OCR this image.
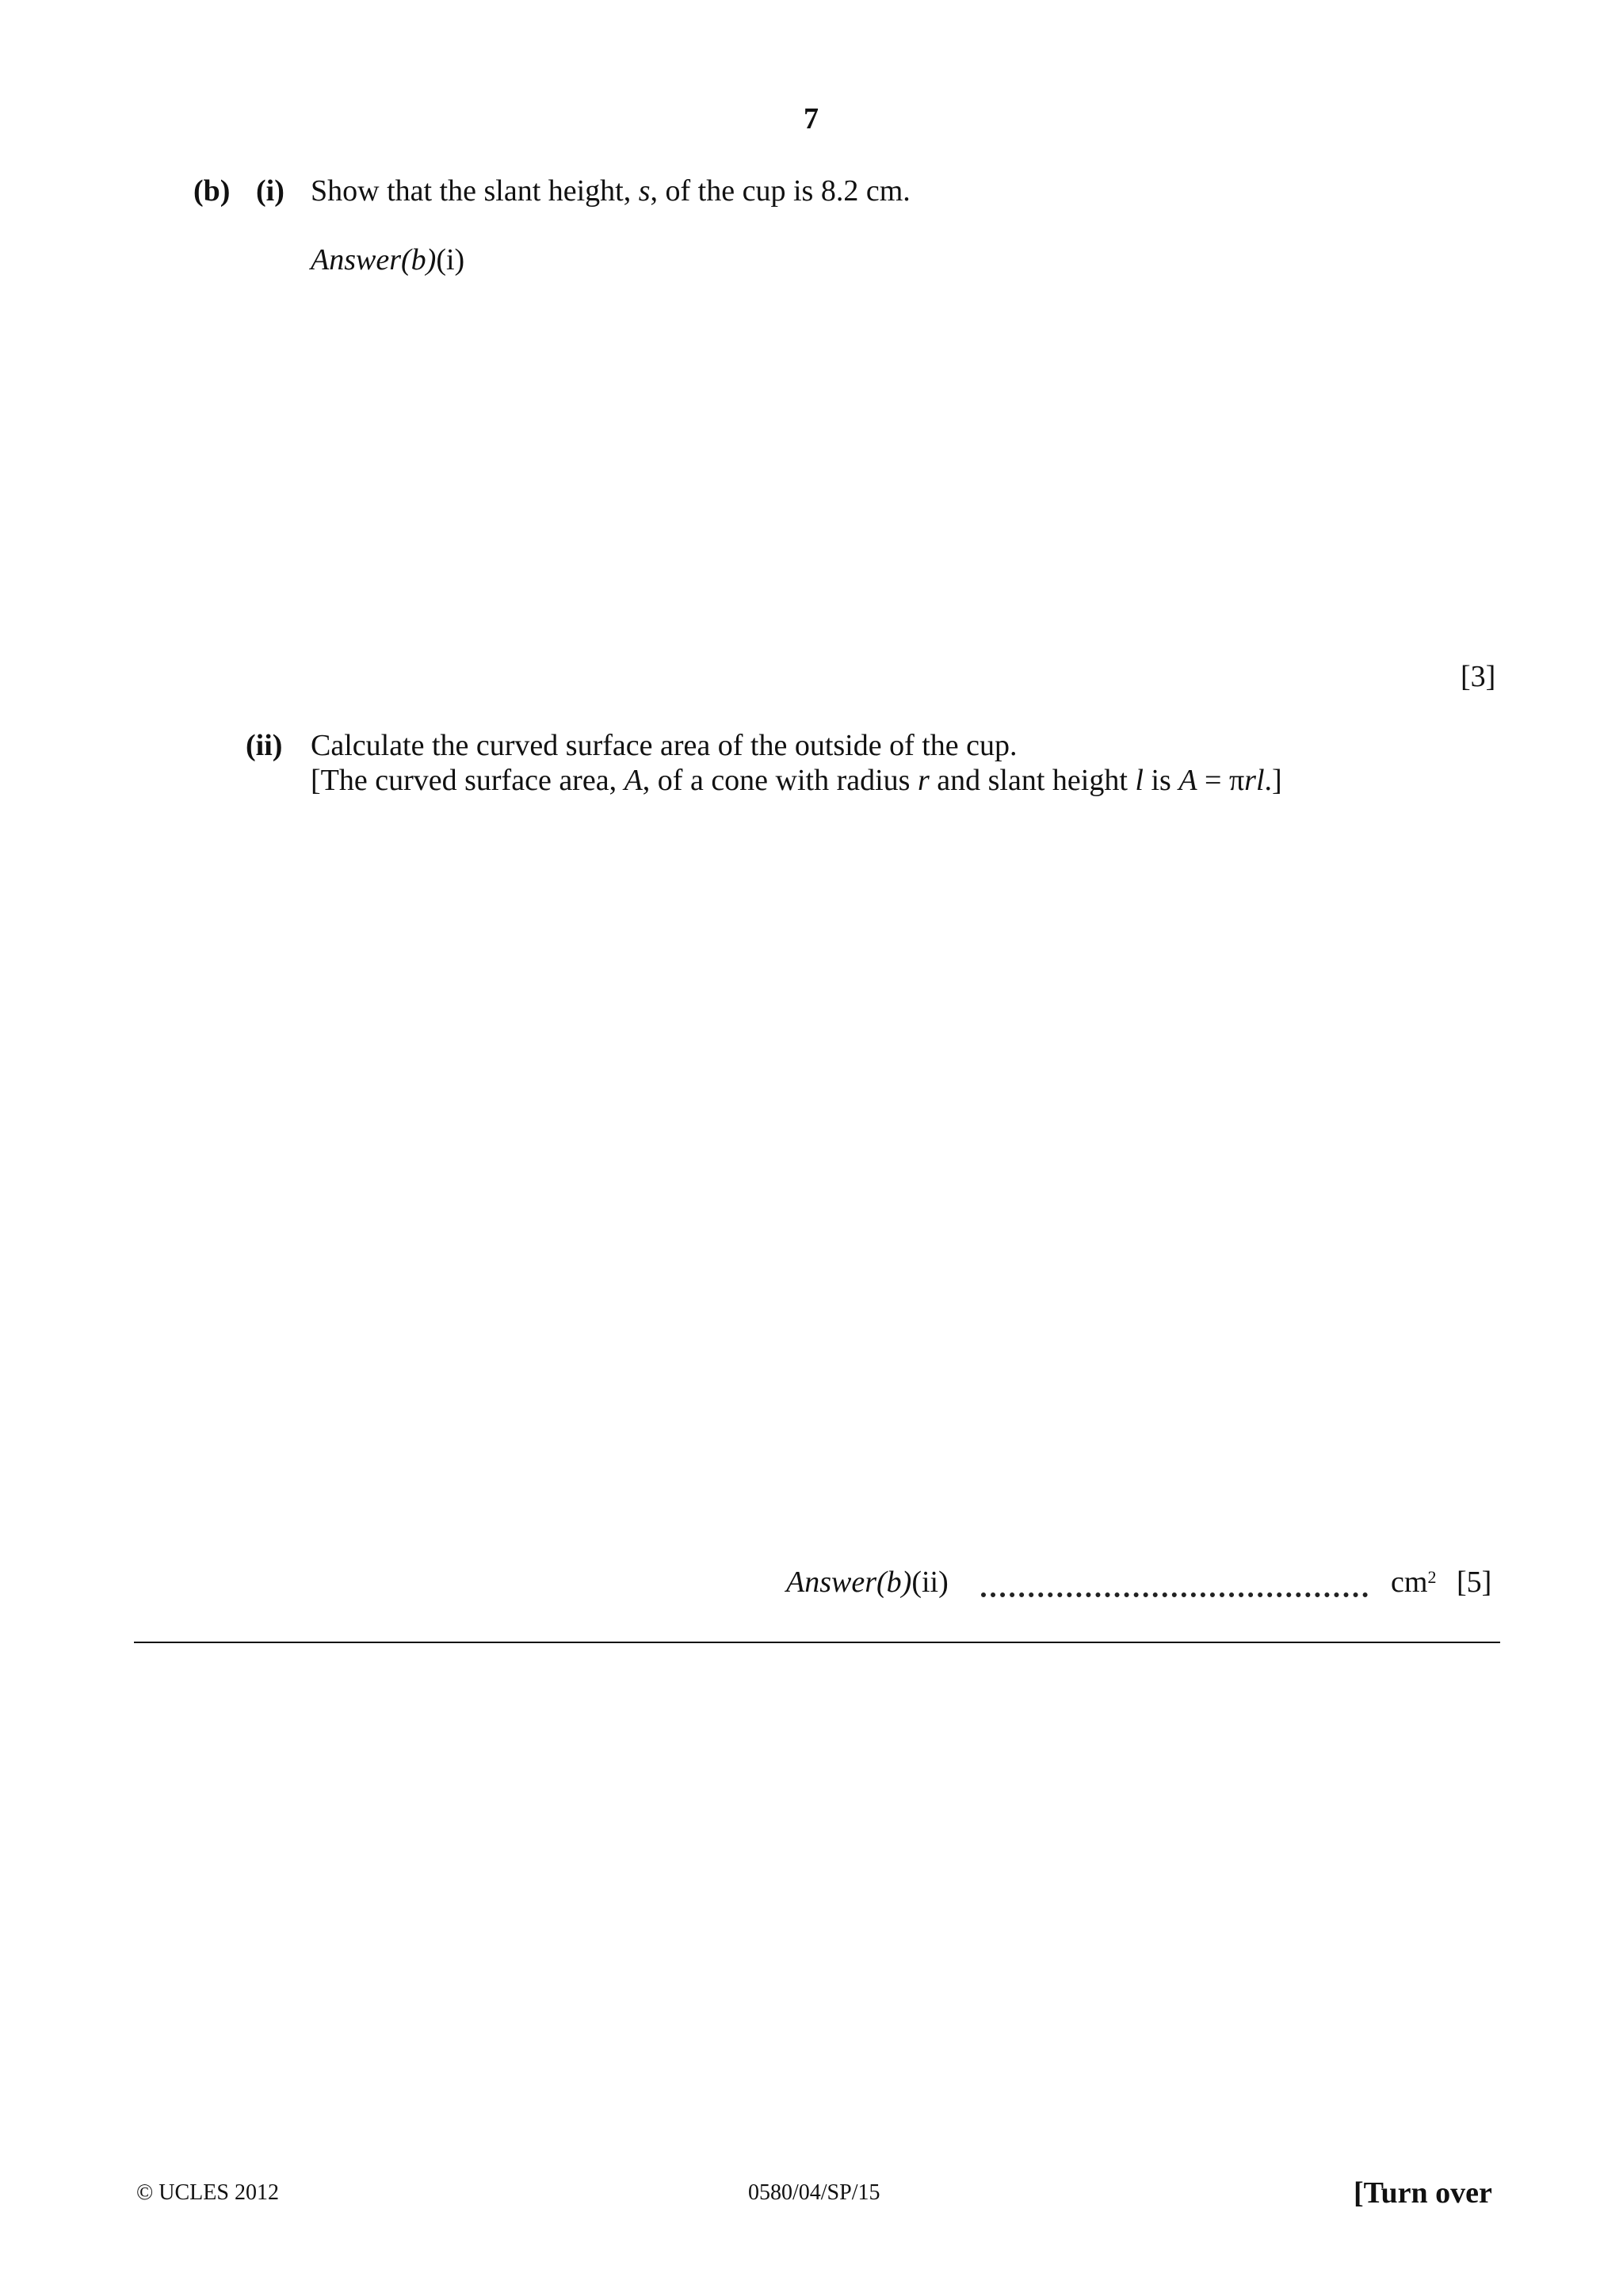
7
(b) (i) Show that the slant height, s, of the cup is 8.2 cm.
Answer(b)(i)
[3]
(ii) Calculate the curved surface area of the outside of the cup.
[The curved surface area, A, of a cone with radius r and slant height l is A = πrl.]
Answer(b)(ii)	$cm^2$ [5]
© UCLES 2012	0580/04/SP/15	[Turn over
